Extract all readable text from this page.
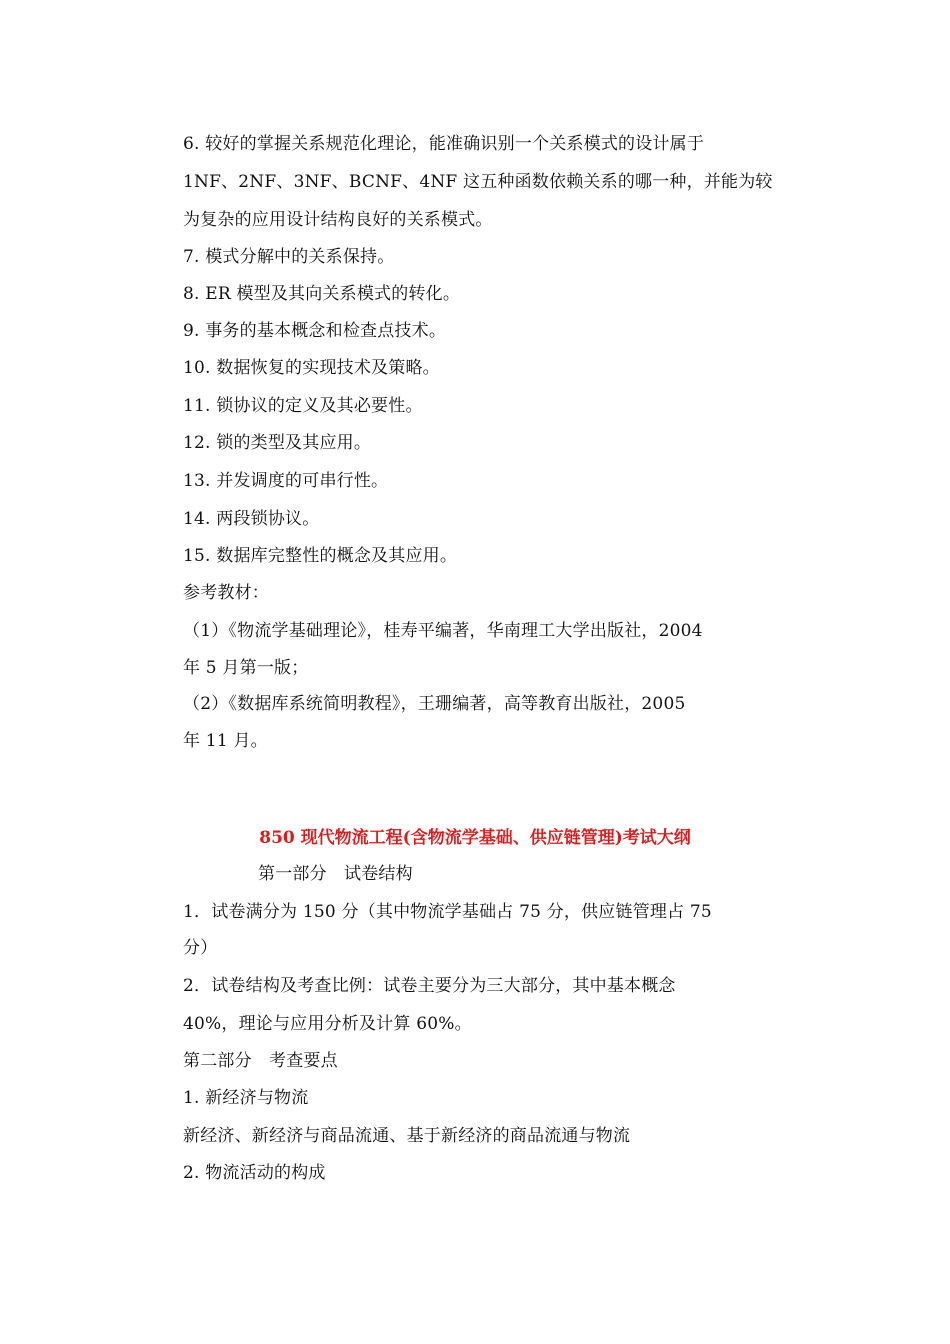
6. 较好的掌握关系规范化理论，能准确识别一个关系模式的设计属于
1NF、2NF、3NF、BCNF、4NF 这五种函数依赖关系的哪一种，并能为较
为复杂的应用设计结构良好的关系模式。
7. 模式分解中的关系保持。
8. ER 模型及其向关系模式的转化。
9. 事务的基本概念和检查点技术。
10. 数据恢复的实现技术及策略。
11. 锁协议的定义及其必要性。
12. 锁的类型及其应用。
13. 并发调度的可串行性。
14. 两段锁协议。
15. 数据库完整性的概念及其应用。
参考教材：
（1）《物流学基础理论》，桂寿平编著，华南理工大学出版社，2004
年 5 月第一版；
（2）《数据库系统简明教程》，王珊编著，高等教育出版社，2005
年 11 月。
850 现代物流工程(含物流学基础、供应链管理)考试大纲
第一部分　试卷结构
1．试卷满分为 150 分（其中物流学基础占 75 分，供应链管理占 75
分）
2．试卷结构及考查比例：试卷主要分为三大部分，其中基本概念
40%，理论与应用分析及计算 60%。
第二部分　考查要点
1. 新经济与物流
新经济、新经济与商品流通、基于新经济的商品流通与物流
2. 物流活动的构成
